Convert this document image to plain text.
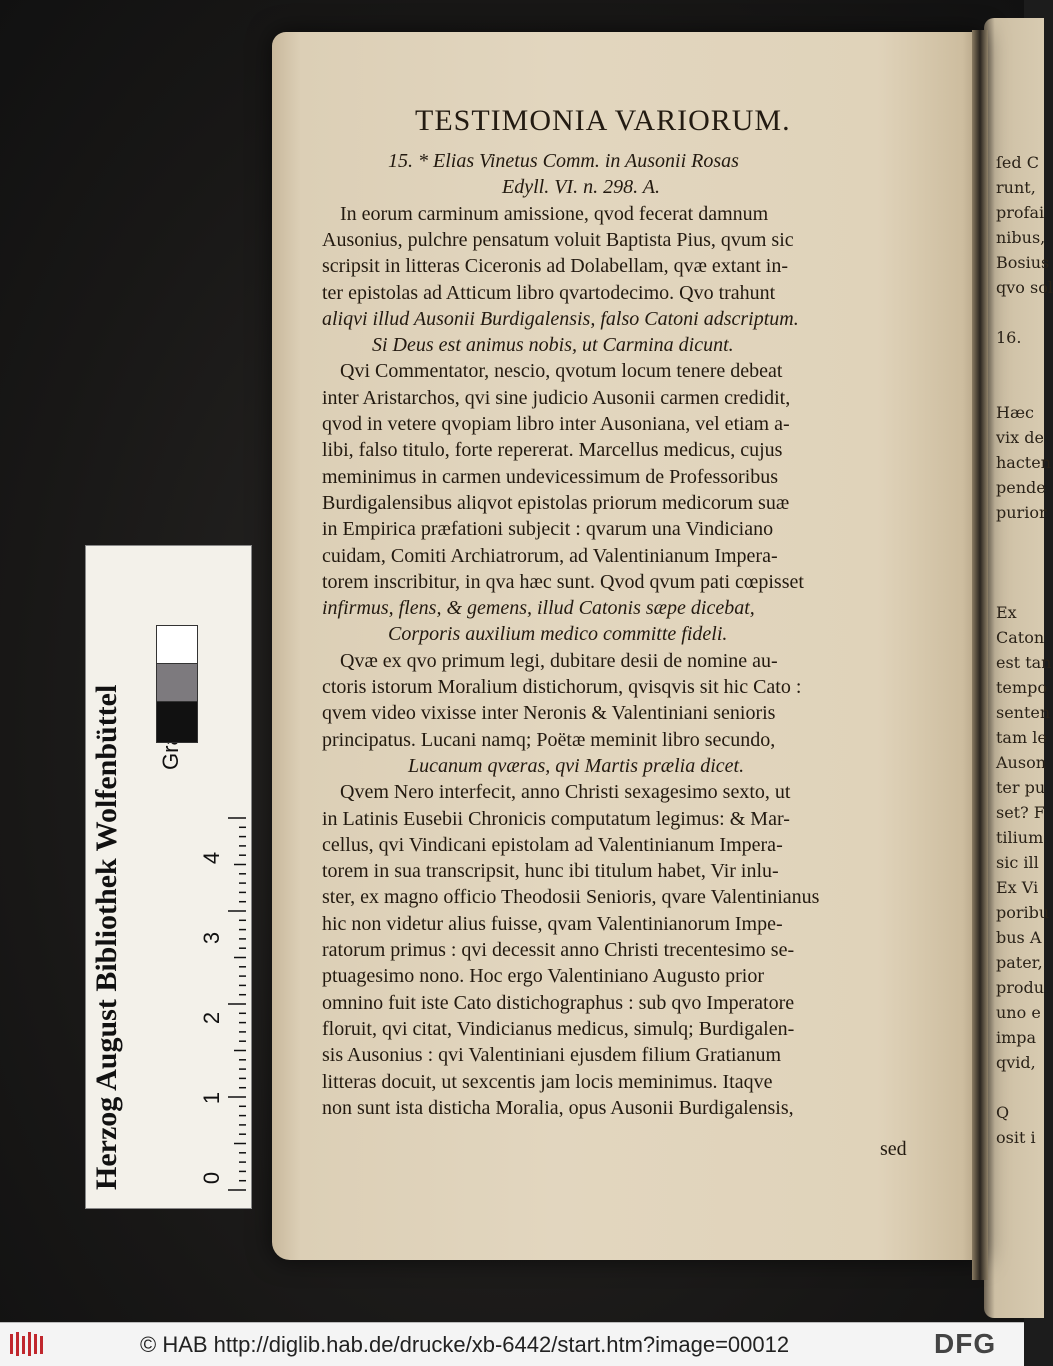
ſed C
runt,
profai
nibus,
Bosius
qvo sol

16.

Hæc
vix de
hacten
pende
purior

Ex
Caton
est tan
tempo
senten
tam le
Auson
ter pu
set? F
tilium
sic ill
Ex Vi
poribu
bus A
pater,
produ
uno e
impa
qvid,

Q
osit i
TESTIMONIA VARIORUM.
15. * Elias Vinetus Comm. in Ausonii Rosas
Edyll. VI. n. 298. A.
In eorum carminum amissione, qvod fecerat damnum
Ausonius, pulchre pensatum voluit Baptista Pius, qvum sic
scripsit in litteras Ciceronis ad Dolabellam, qvæ extant in-
ter epistolas ad Atticum libro qvartodecimo. Qvo trahunt
aliqvi illud Ausonii Burdigalensis, falso Catoni adscriptum.
Si Deus est animus nobis, ut Carmina dicunt.
Qvi Commentator, nescio, qvotum locum tenere debeat
inter Aristarchos, qvi sine judicio Ausonii carmen credidit,
qvod in vetere qvopiam libro inter Ausoniana, vel etiam a-
libi, falso titulo, forte repererat. Marcellus medicus, cujus
meminimus in carmen undevicessimum de Professoribus
Burdigalensibus aliqvot epistolas priorum medicorum suæ
in Empirica præfationi subjecit : qvarum una Vindiciano
cuidam, Comiti Archiatrorum, ad Valentinianum Impera-
torem inscribitur, in qva hæc sunt. Qvod qvum pati cœpisset
infirmus, flens, & gemens, illud Catonis sæpe dicebat,
Corporis auxilium medico committe fideli.
Qvæ ex qvo primum legi, dubitare desii de nomine au-
ctoris istorum Moralium distichorum, qvisqvis sit hic Cato :
qvem video vixisse inter Neronis & Valentiniani senioris
principatus. Lucani namq; Poëtæ meminit libro secundo,
Lucanum qværas, qvi Martis prælia dicet.
Qvem Nero interfecit, anno Christi sexagesimo sexto, ut
in Latinis Eusebii Chronicis computatum legimus: & Mar-
cellus, qvi Vindicani epistolam ad Valentinianum Impera-
torem in sua transcripsit, hunc ibi titulum habet, Vir inlu-
ster, ex magno officio Theodosii Senioris, qvare Valentinianus
hic non videtur alius fuisse, qvam Valentinianorum Impe-
ratorum primus : qvi decessit anno Christi trecentesimo se-
ptuagesimo nono. Hoc ergo Valentiniano Augusto prior
omnino fuit iste Cato distichographus : sub qvo Imperatore
floruit, qvi citat, Vindicianus medicus, simulq; Burdigalen-
sis Ausonius : qvi Valentiniani ejusdem filium Gratianum
litteras docuit, ut sexcentis jam locis meminimus. Itaqve
non sunt ista disticha Moralia, opus Ausonii Burdigalensis,
sed
Herzog August Bibliothek Wolfenbüttel	0
1
2
3
4
© HAB http://diglib.hab.de/drucke/xb-6442/start.htm?image=00012	DFG
